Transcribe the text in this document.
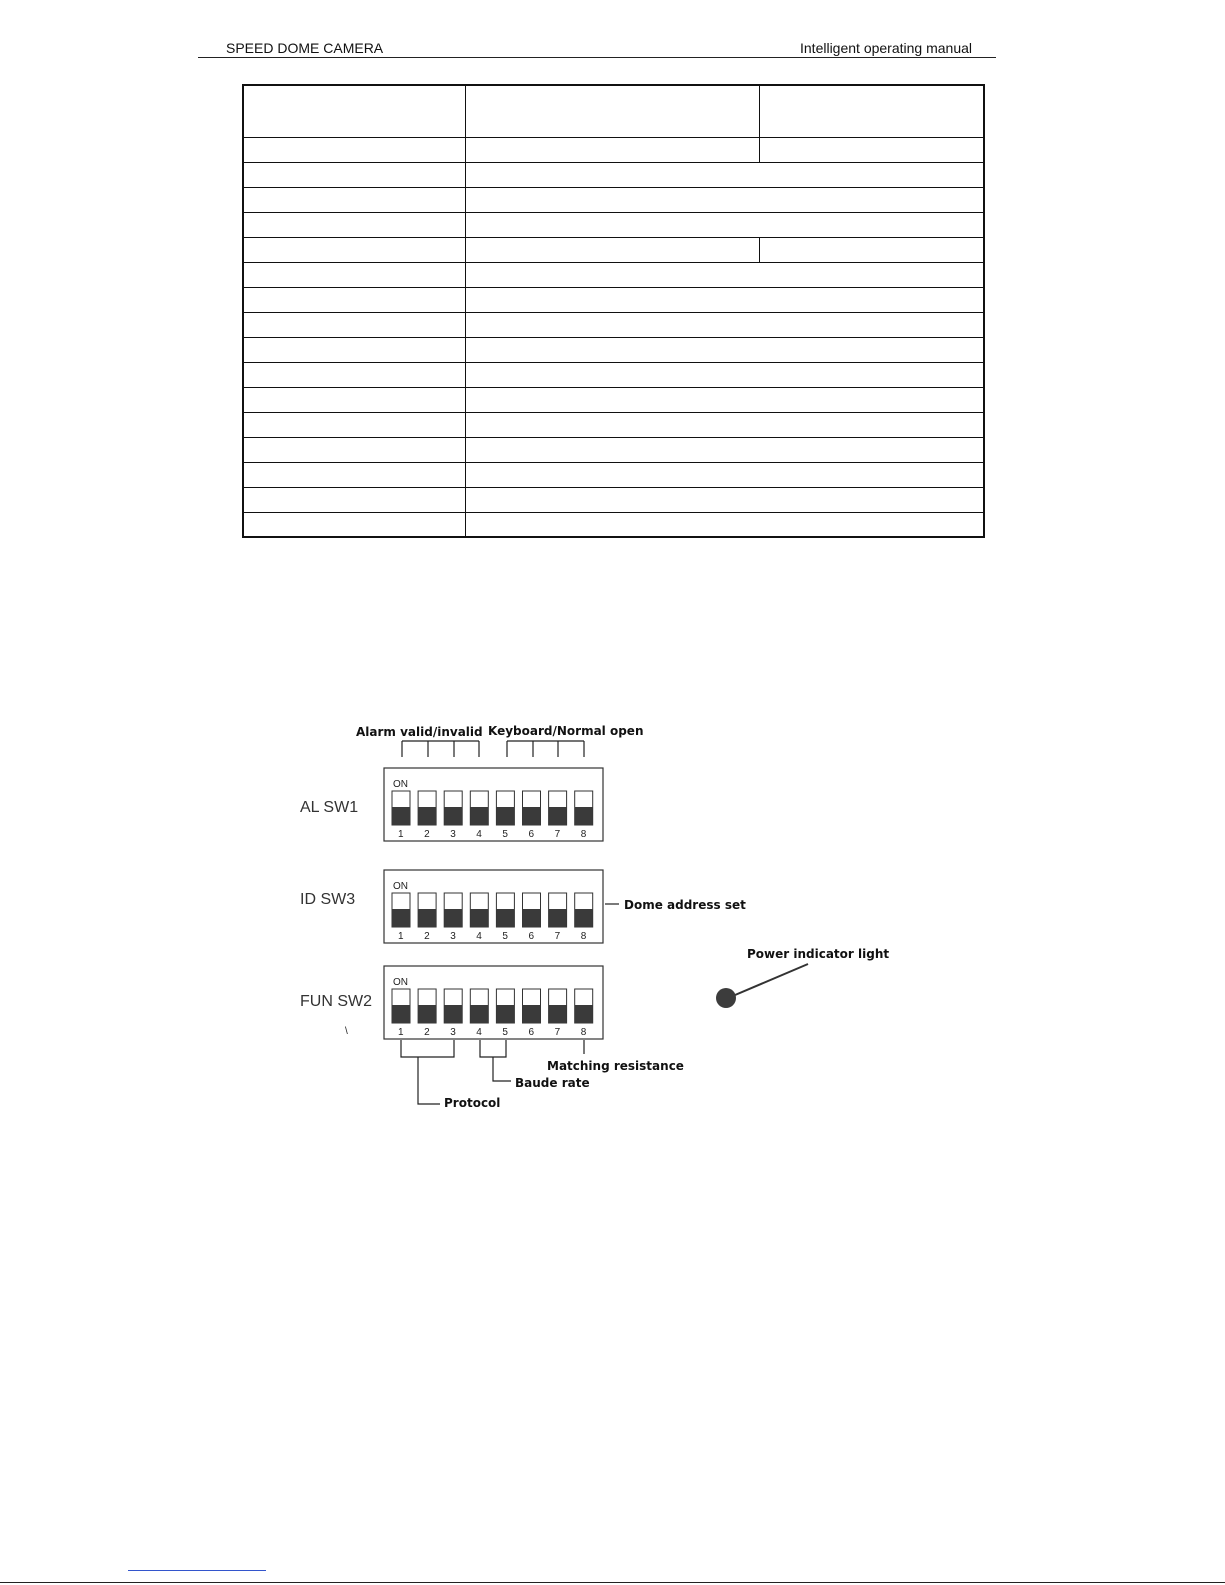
SPEED DOME CAMERA	Intelligent operating manual

Alarm valid/invalid Keyboard/Normal open
AL SW1
ID SW3
FUN SW2
\
ON
1 2 3 4 5 6 7 8
ON
1 2 3 4 5 6 7 8
ON
1 2 3 4 5 6 7 8
Dome address set
Power indicator light
Matching resistance
Baude rate
Protocol
